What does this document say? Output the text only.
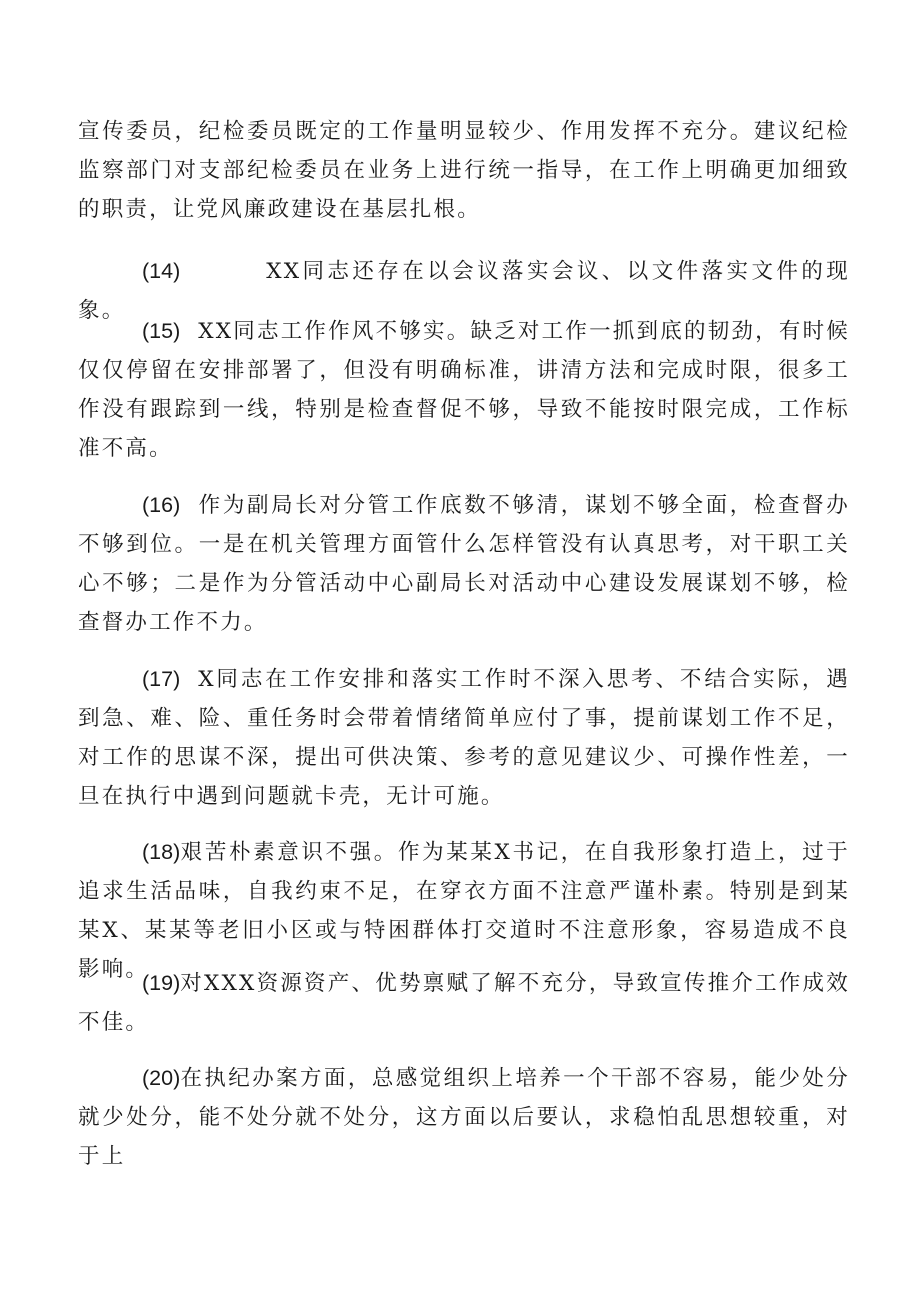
宣传委员，纪检委员既定的工作量明显较少、作用发挥不充分。建议纪检监察部门对支部纪检委员在业务上进行统一指导，在工作上明确更加细致的职责，让党风廉政建设在基层扎根。

(14)	XX同志还存在以会议落实会议、以文件落实文件的现象。

(15) XX同志工作作风不够实。缺乏对工作一抓到底的韧劲，有时候仅仅停留在安排部署了，但没有明确标准，讲清方法和完成时限，很多工作没有跟踪到一线，特别是检查督促不够，导致不能按时限完成，工作标准不高。

(16) 作为副局长对分管工作底数不够清，谋划不够全面，检查督办不够到位。一是在机关管理方面管什么怎样管没有认真思考，对干职工关心不够；二是作为分管活动中心副局长对活动中心建设发展谋划不够，检查督办工作不力。

(17) X同志在工作安排和落实工作时不深入思考、不结合实际，遇到急、难、险、重任务时会带着情绪简单应付了事，提前谋划工作不足，对工作的思谋不深，提出可供决策、参考的意见建议少、可操作性差，一旦在执行中遇到问题就卡壳，无计可施。

(18)艰苦朴素意识不强。作为某某X书记，在自我形象打造上，过于追求生活品味，自我约束不足，在穿衣方面不注意严谨朴素。特别是到某某X、某某等老旧小区或与特困群体打交道时不注意形象，容易造成不良影响。

(19)对XXX资源资产、优势禀赋了解不充分，导致宣传推介工作成效不佳。

(20)在执纪办案方面，总感觉组织上培养一个干部不容易，能少处分就少处分，能不处分就不处分，这方面以后要认，求稳怕乱思想较重，对于上
